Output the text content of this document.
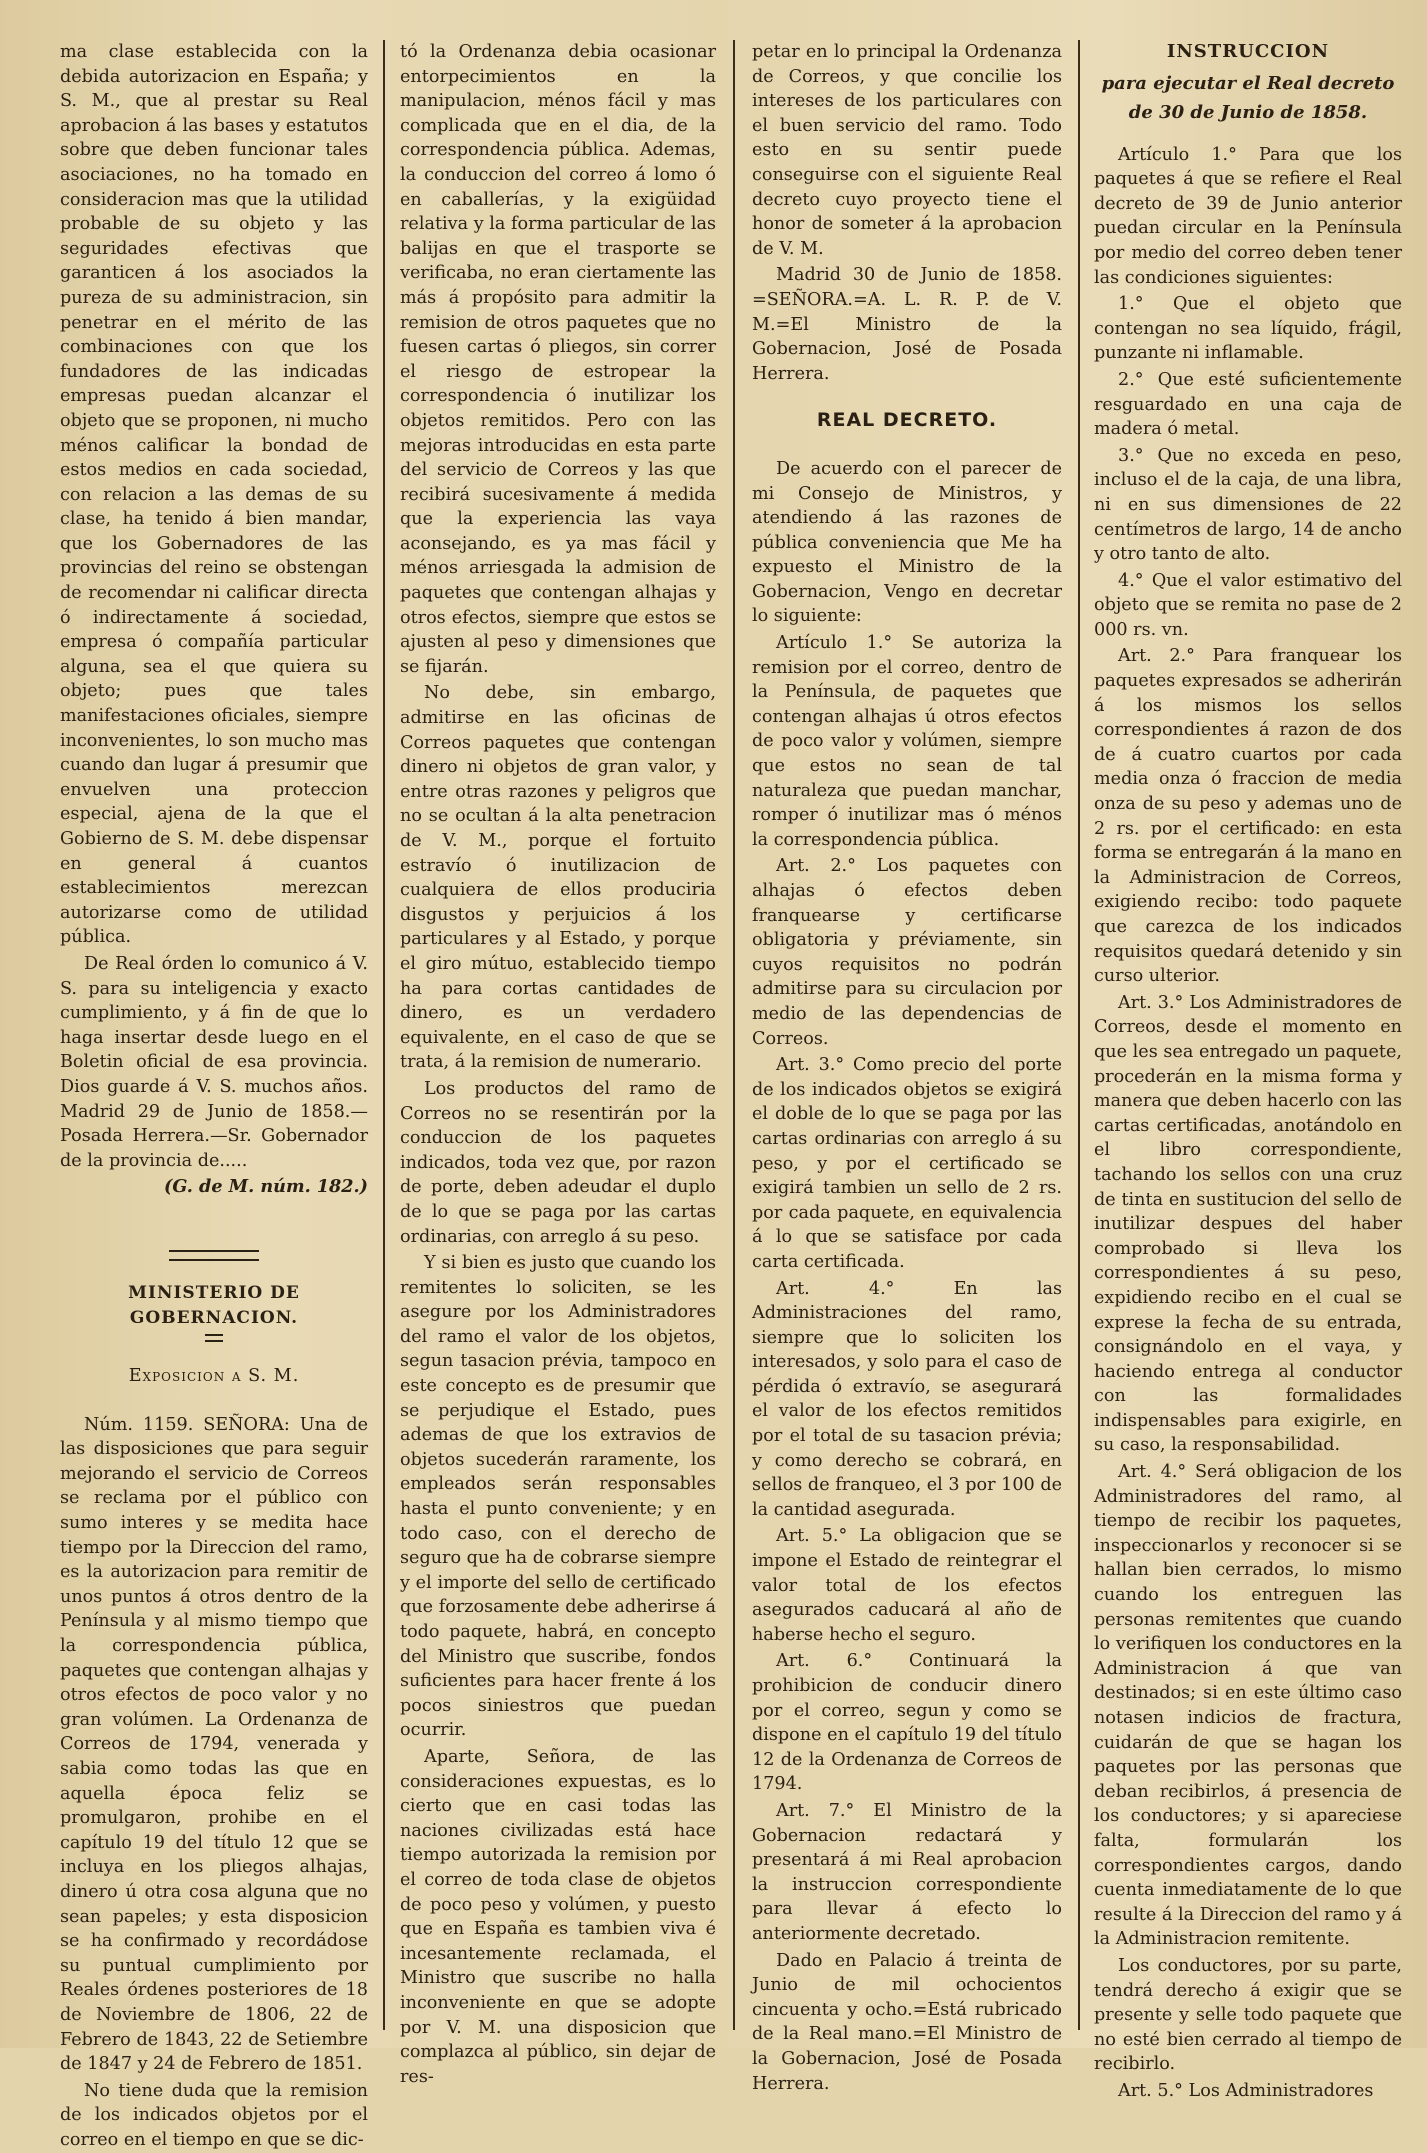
ma clase establecida con la debida autorizacion en España; y S. M., que al prestar su Real aprobacion á las bases y estatutos sobre que deben funcionar tales asociaciones, no ha tomado en consideracion mas que la utilidad probable de su objeto y las seguridades efectivas que garanticen á los asociados la pureza de su administracion, sin penetrar en el mérito de las combinaciones con que los fundadores de las indicadas empresas puedan alcanzar el objeto que se proponen, ni mucho ménos calificar la bondad de estos medios en cada sociedad, con relacion a las demas de su clase, ha tenido á bien mandar, que los Gobernadores de las provincias del reino se obstengan de recomendar ni calificar directa ó indirectamente á sociedad, empresa ó compañía particular alguna, sea el que quiera su objeto; pues que tales manifestaciones oficiales, siempre inconvenientes, lo son mucho mas cuando dan lugar á presumir que envuelven una proteccion especial, ajena de la que el Gobierno de S. M. debe dispensar en general á cuantos establecimientos merezcan autorizarse como de utilidad pública.

De Real órden lo comunico á V. S. para su inteligencia y exacto cumplimiento, y á fin de que lo haga insertar desde luego en el Boletin oficial de esa provincia. Dios guarde á V. S. muchos años. Madrid 29 de Junio de 1858.—Posada Herrera.—Sr. Gobernador de la provincia de.....

(G. de M. núm. 182.)

MINISTERIO DE GOBERNACION.

Exposicion a S. M.

Núm. 1159. SEÑORA: Una de las disposiciones que para seguir mejorando el servicio de Correos se reclama por el público con sumo interes y se medita hace tiempo por la Direccion del ramo, es la autorizacion para remitir de unos puntos á otros dentro de la Península y al mismo tiempo que la correspondencia pública, paquetes que contengan alhajas y otros efectos de poco valor y no gran volúmen. La Ordenanza de Correos de 1794, venerada y sabia como todas las que en aquella época feliz se promulgaron, prohibe en el capítulo 19 del título 12 que se incluya en los pliegos alhajas, dinero ú otra cosa alguna que no sean papeles; y esta disposicion se ha confirmado y recordádose su puntual cumplimiento por Reales órdenes posteriores de 18 de Noviembre de 1806, 22 de Febrero de 1843, 22 de Setiembre de 1847 y 24 de Febrero de 1851.

No tiene duda que la remision de los indicados objetos por el correo en el tiempo en que se dic-

tó la Ordenanza debia ocasionar entorpecimientos en la manipulacion, ménos fácil y mas complicada que en el dia, de la correspondencia pública. Ademas, la conduccion del correo á lomo ó en caballerías, y la exigüidad relativa y la forma particular de las balijas en que el trasporte se verificaba, no eran ciertamente las más á propósito para admitir la remision de otros paquetes que no fuesen cartas ó pliegos, sin correr el riesgo de estropear la correspondencia ó inutilizar los objetos remitidos. Pero con las mejoras introducidas en esta parte del servicio de Correos y las que recibirá sucesivamente á medida que la experiencia las vaya aconsejando, es ya mas fácil y ménos arriesgada la admision de paquetes que contengan alhajas y otros efectos, siempre que estos se ajusten al peso y dimensiones que se fijarán.

No debe, sin embargo, admitirse en las oficinas de Correos paquetes que contengan dinero ni objetos de gran valor, y entre otras razones y peligros que no se ocultan á la alta penetracion de V. M., porque el fortuito estravío ó inutilizacion de cualquiera de ellos produciria disgustos y perjuicios á los particulares y al Estado, y porque el giro mútuo, establecido tiempo ha para cortas cantidades de dinero, es un verdadero equivalente, en el caso de que se trata, á la remision de numerario.

Los productos del ramo de Correos no se resentirán por la conduccion de los paquetes indicados, toda vez que, por razon de porte, deben adeudar el duplo de lo que se paga por las cartas ordinarias, con arreglo á su peso.

Y si bien es justo que cuando los remitentes lo soliciten, se les asegure por los Administradores del ramo el valor de los objetos, segun tasacion prévia, tampoco en este concepto es de presumir que se perjudique el Estado, pues ademas de que los extravios de objetos sucederán raramente, los empleados serán responsables hasta el punto conveniente; y en todo caso, con el derecho de seguro que ha de cobrarse siempre y el importe del sello de certificado que forzosamente debe adherirse á todo paquete, habrá, en concepto del Ministro que suscribe, fondos suficientes para hacer frente á los pocos siniestros que puedan ocurrir.

Aparte, Señora, de las consideraciones expuestas, es lo cierto que en casi todas las naciones civilizadas está hace tiempo autorizada la remision por el correo de toda clase de objetos de poco peso y volúmen, y puesto que en España es tambien viva é incesantemente reclamada, el Ministro que suscribe no halla inconveniente en que se adopte por V. M. una disposicion que complazca al público, sin dejar de res-

petar en lo principal la Ordenanza de Correos, y que concilie los intereses de los particulares con el buen servicio del ramo. Todo esto en su sentir puede conseguirse con el siguiente Real decreto cuyo proyecto tiene el honor de someter á la aprobacion de V. M.

Madrid 30 de Junio de 1858. =SEÑORA.=A. L. R. P. de V. M.=El Ministro de la Gobernacion, José de Posada Herrera.

REAL DECRETO.

De acuerdo con el parecer de mi Consejo de Ministros, y atendiendo á las razones de pública conveniencia que Me ha expuesto el Ministro de la Gobernacion, Vengo en decretar lo siguiente:

Artículo 1.° Se autoriza la remision por el correo, dentro de la Península, de paquetes que contengan alhajas ú otros efectos de poco valor y volúmen, siempre que estos no sean de tal naturaleza que puedan manchar, romper ó inutilizar mas ó ménos la correspondencia pública.

Art. 2.° Los paquetes con alhajas ó efectos deben franquearse y certificarse obligatoria y préviamente, sin cuyos requisitos no podrán admitirse para su circulacion por medio de las dependencias de Correos.

Art. 3.° Como precio del porte de los indicados objetos se exigirá el doble de lo que se paga por las cartas ordinarias con arreglo á su peso, y por el certificado se exigirá tambien un sello de 2 rs. por cada paquete, en equivalencia á lo que se satisface por cada carta certificada.

Art. 4.° En las Administraciones del ramo, siempre que lo soliciten los interesados, y solo para el caso de pérdida ó extravío, se asegurará el valor de los efectos remitidos por el total de su tasacion prévia; y como derecho se cobrará, en sellos de franqueo, el 3 por 100 de la cantidad asegurada.

Art. 5.° La obligacion que se impone el Estado de reintegrar el valor total de los efectos asegurados caducará al año de haberse hecho el seguro.

Art. 6.° Continuará la prohibicion de conducir dinero por el correo, segun y como se dispone en el capítulo 19 del título 12 de la Ordenanza de Correos de 1794.

Art. 7.° El Ministro de la Gobernacion redactará y presentará á mi Real aprobacion la instruccion correspondiente para llevar á efecto lo anteriormente decretado.

Dado en Palacio á treinta de Junio de mil ochocientos cincuenta y ocho.=Está rubricado de la Real mano.=El Ministro de la Gobernacion, José de Posada Herrera.

INSTRUCCION

para ejecutar el Real decreto de 30 de Junio de 1858.

Artículo 1.° Para que los paquetes á que se refiere el Real decreto de 39 de Junio anterior puedan circular en la Península por medio del correo deben tener las condiciones siguientes:

1.° Que el objeto que contengan no sea líquido, frágil, punzante ni inflamable.

2.° Que esté suficientemente resguardado en una caja de madera ó metal.

3.° Que no exceda en peso, incluso el de la caja, de una libra, ni en sus dimensiones de 22 centímetros de largo, 14 de ancho y otro tanto de alto.

4.° Que el valor estimativo del objeto que se remita no pase de 2 000 rs. vn.

Art. 2.° Para franquear los paquetes expresados se adherirán á los mismos los sellos correspondientes á razon de dos de á cuatro cuartos por cada media onza ó fraccion de media onza de su peso y ademas uno de 2 rs. por el certificado: en esta forma se entregarán á la mano en la Administracion de Correos, exigiendo recibo: todo paquete que carezca de los indicados requisitos quedará detenido y sin curso ulterior.

Art. 3.° Los Administradores de Correos, desde el momento en que les sea entregado un paquete, procederán en la misma forma y manera que deben hacerlo con las cartas certificadas, anotándolo en el libro correspondiente, tachando los sellos con una cruz de tinta en sustitucion del sello de inutilizar despues del haber comprobado si lleva los correspondientes á su peso, expidiendo recibo en el cual se exprese la fecha de su entrada, consignándolo en el vaya, y haciendo entrega al conductor con las formalidades indispensables para exigirle, en su caso, la responsabilidad.

Art. 4.° Será obligacion de los Administradores del ramo, al tiempo de recibir los paquetes, inspeccionarlos y reconocer si se hallan bien cerrados, lo mismo cuando los entreguen las personas remitentes que cuando lo verifiquen los conductores en la Administracion á que van destinados; si en este último caso notasen indicios de fractura, cuidarán de que se hagan los paquetes por las personas que deban recibirlos, á presencia de los conductores; y si apareciese falta, formularán los correspondientes cargos, dando cuenta inmediatamente de lo que resulte á la Direccion del ramo y á la Administracion remitente.

Los conductores, por su parte, tendrá derecho á exigir que se presente y selle todo paquete que no esté bien cerrado al tiempo de recibirlo.

Art. 5.° Los Administradores
